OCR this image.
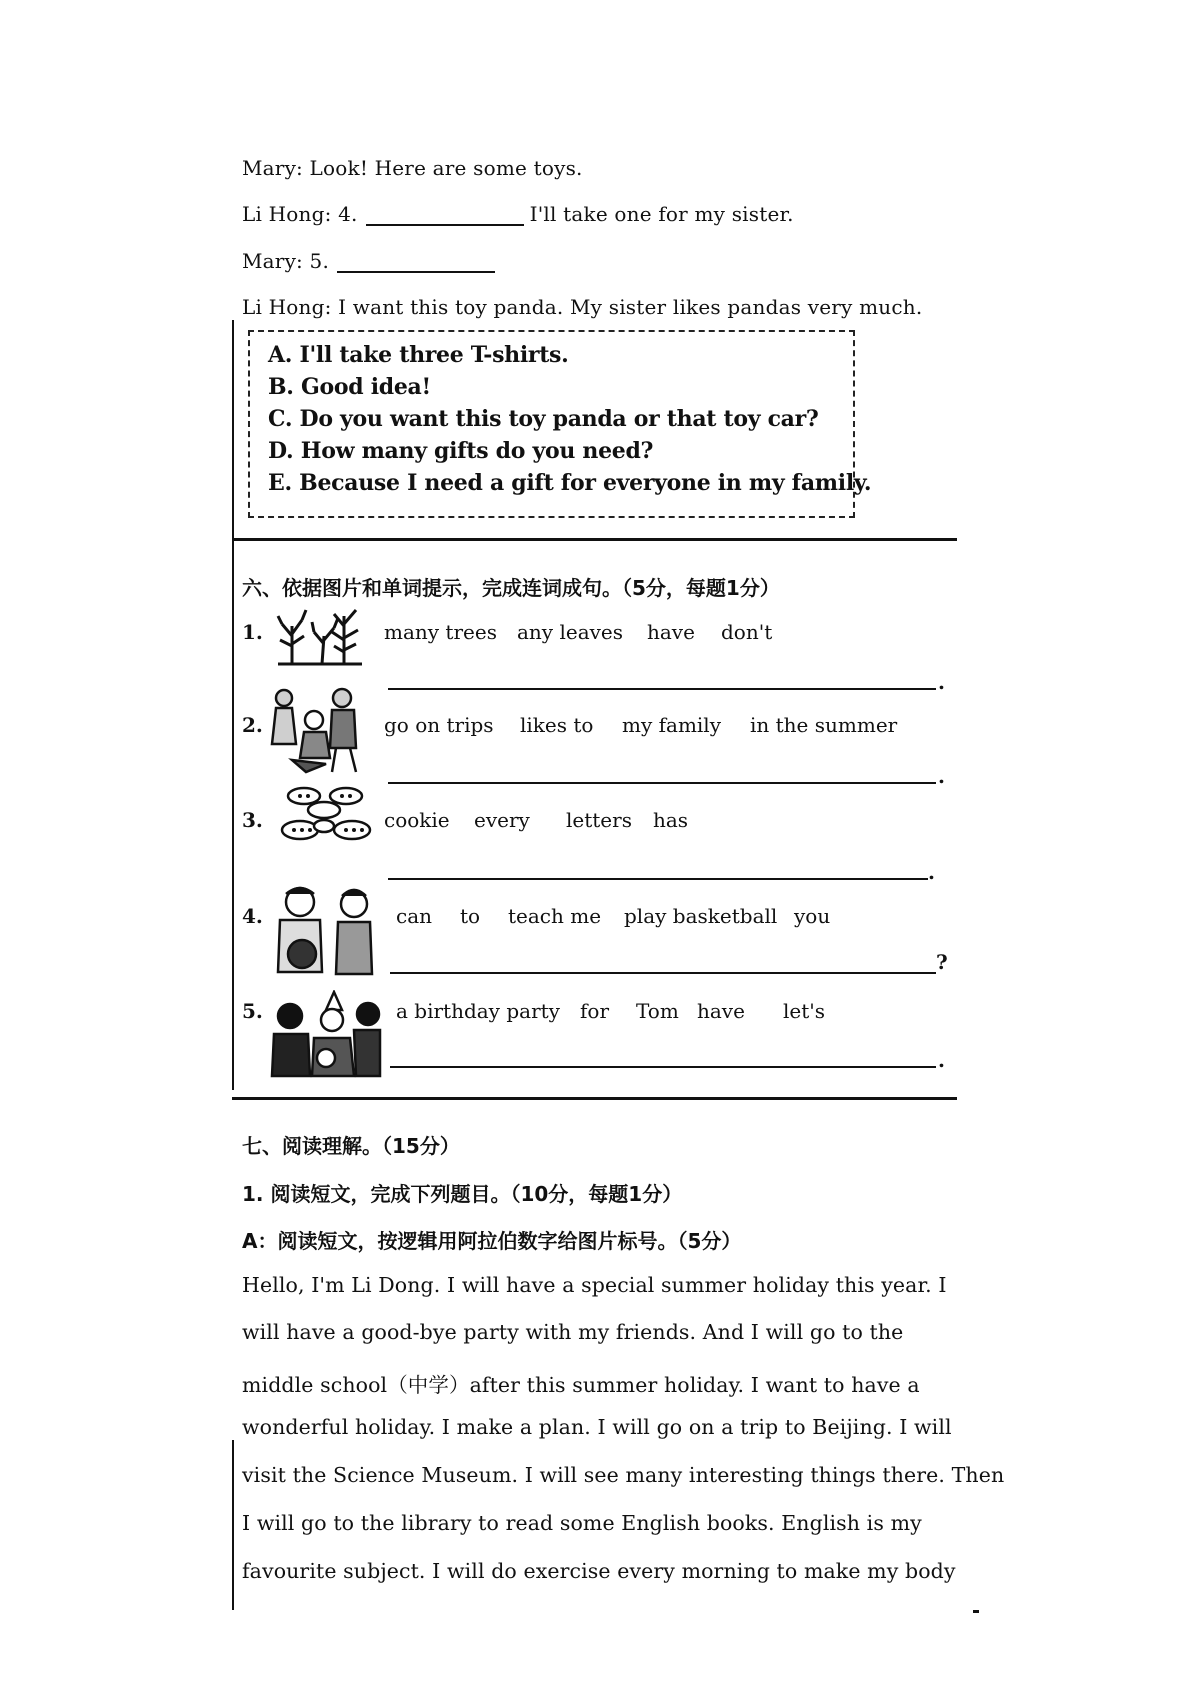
Mary: Look! Here are some toys.
Li Hong: 4.	I'll take one for my sister.
Mary: 5.
Li Hong: I want this toy panda. My sister likes pandas very much.
A. I'll take three T-shirts.
B. Good idea!
C. Do you want this toy panda or that toy car?
D. How many gifts do you need?
E. Because I need a gift for everyone in my family.
六、依据图片和单词提示，完成连词成句。（5分，每题1分）
1.	many trees any leaves have don't
.
2.	go on trips likes to my family in the summer
.
3.	cookie every letters has
.
4.	can to teach me play basketball you
?
5.	a birthday party for Tom have let's
.
七、阅读理解。（15分）
1. 阅读短文，完成下列题目。（10分，每题1分）
A：阅读短文，按逻辑用阿拉伯数字给图片标号。（5分）
Hello, I'm Li Dong. I will have a special summer holiday this year. I
will have a good-bye party with my friends. And I will go to the
middle school（中学）after this summer holiday. I want to have a
wonderful holiday. I make a plan. I will go on a trip to Beijing. I will
visit the Science Museum. I will see many interesting things there. Then
I will go to the library to read some English books. English is my
favourite subject. I will do exercise every morning to make my body
